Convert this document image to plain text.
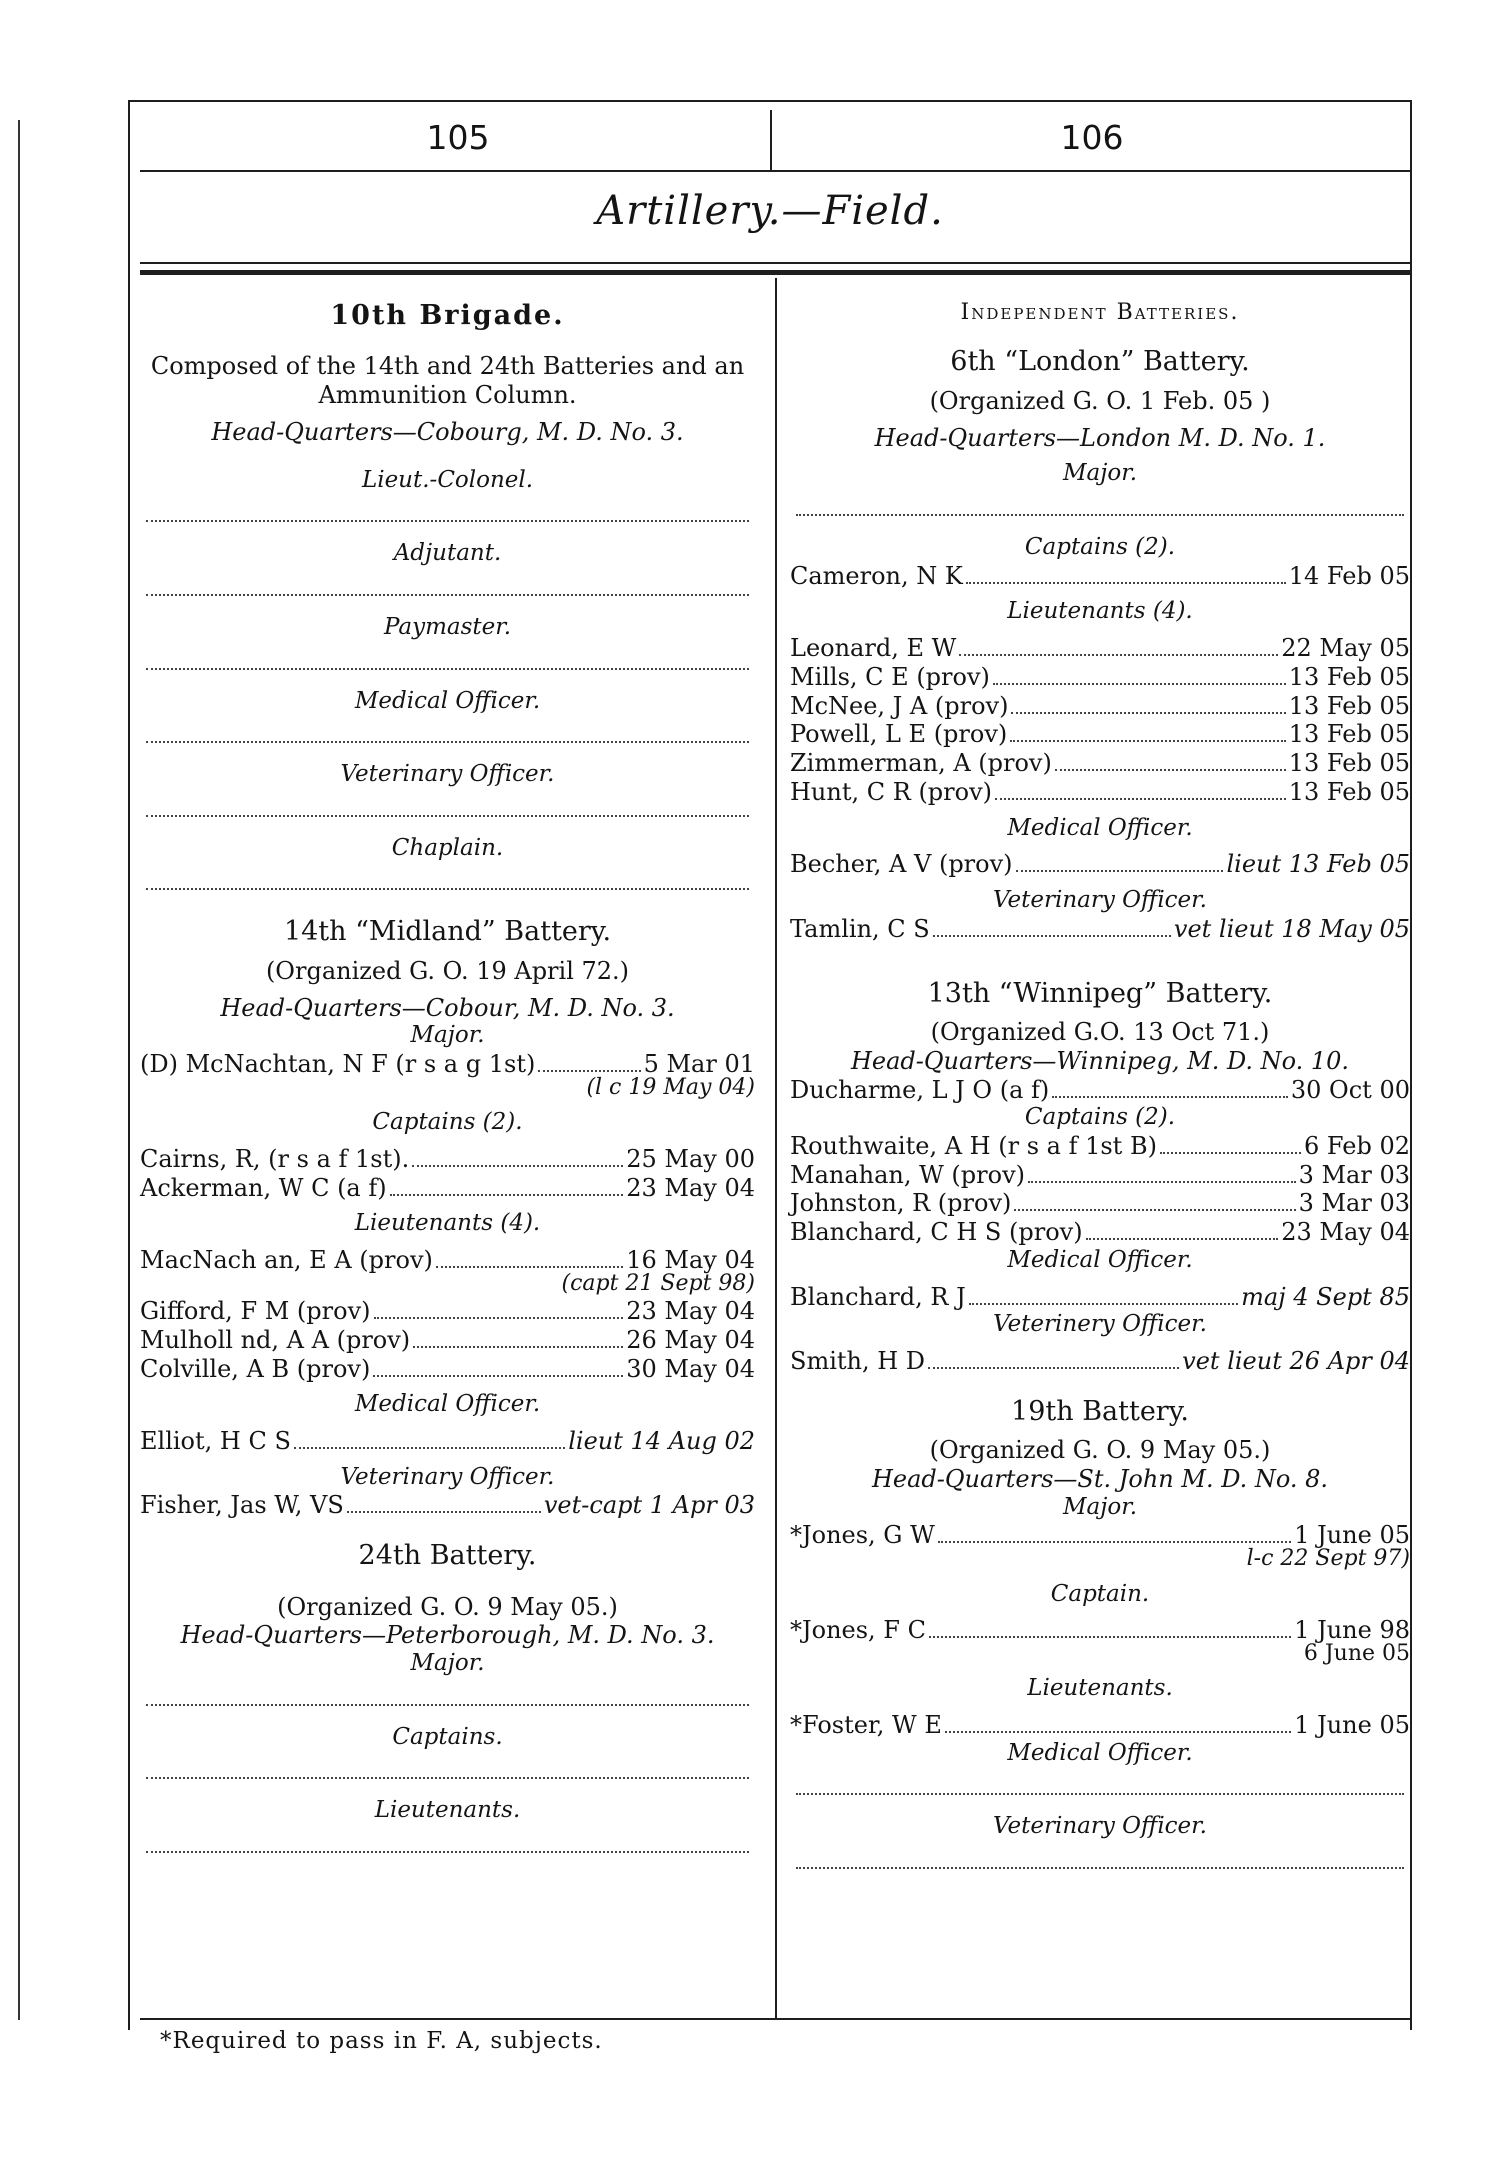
105	106
Artillery.—Field.
10th Brigade.
Composed of the 14th and 24th Batteries and an Ammunition Column.
Head-Quarters—Cobourg, M. D. No. 3.
Lieut.-Colonel.
Adjutant.
Paymaster.
Medical Officer.
Veterinary Officer.
Chaplain.
14th “Midland” Battery.
(Organized G. O. 19 April 72.)
Head-Quarters—Cobour, M. D. No. 3.
Major.
(D) McNachtan, N F (r s a g 1st)	5 Mar 01
(l c 19 May 04)
Captains (2).
Cairns, R, (r s a f 1st).	25 May 00
Ackerman, W C (a f)	23 May 04
Lieutenants (4).
MacNach an, E A (prov)	16 May 04
(capt 21 Sept 98)
Gifford, F M (prov)	23 May 04
Mulholl nd, A A (prov)	26 May 04
Colville, A B (prov)	30 May 04
Medical Officer.
Elliot, H C S	lieut 14 Aug 02
Veterinary Officer.
Fisher, Jas W, VS	vet-capt 1 Apr 03
24th Battery.
(Organized G. O. 9 May 05.)
Head-Quarters—Peterborough, M. D. No. 3.
Major.
Captains.
Lieutenants.
Independent Batteries.
6th “London” Battery.
(Organized G. O. 1 Feb. 05 )
Head-Quarters—London M. D. No. 1.
Major.
Captains (2).
Cameron, N K	14 Feb 05
Lieutenants (4).
Leonard, E W	22 May 05
Mills, C E (prov)	13 Feb 05
McNee, J A (prov)	13 Feb 05
Powell, L E (prov)	13 Feb 05
Zimmerman, A (prov)	13 Feb 05
Hunt, C R (prov)	13 Feb 05
Medical Officer.
Becher, A V (prov)	lieut 13 Feb 05
Veterinary Officer.
Tamlin, C S	vet lieut 18 May 05
13th “Winnipeg” Battery.
(Organized G.O. 13 Oct 71.)
Head-Quarters—Winnipeg, M. D. No. 10.
Ducharme, L J O (a f)	30 Oct 00
Captains (2).
Routhwaite, A H (r s a f 1st B)	6 Feb 02
Manahan, W (prov)	3 Mar 03
Johnston, R (prov)	3 Mar 03
Blanchard, C H S (prov)	23 May 04
Medical Officer.
Blanchard, R J	maj 4 Sept 85
Veterinery Officer.
Smith, H D	vet lieut 26 Apr 04
19th Battery.
(Organized G. O. 9 May 05.)
Head-Quarters—St. John M. D. No. 8.
Major.
*Jones, G W	1 June 05
l-c 22 Sept 97)
Captain.
*Jones, F C	1 June 98
6 June 05
Lieutenants.
*Foster, W E	1 June 05
Medical Officer.
Veterinary Officer.
*Required to pass in F. A, subjects.
